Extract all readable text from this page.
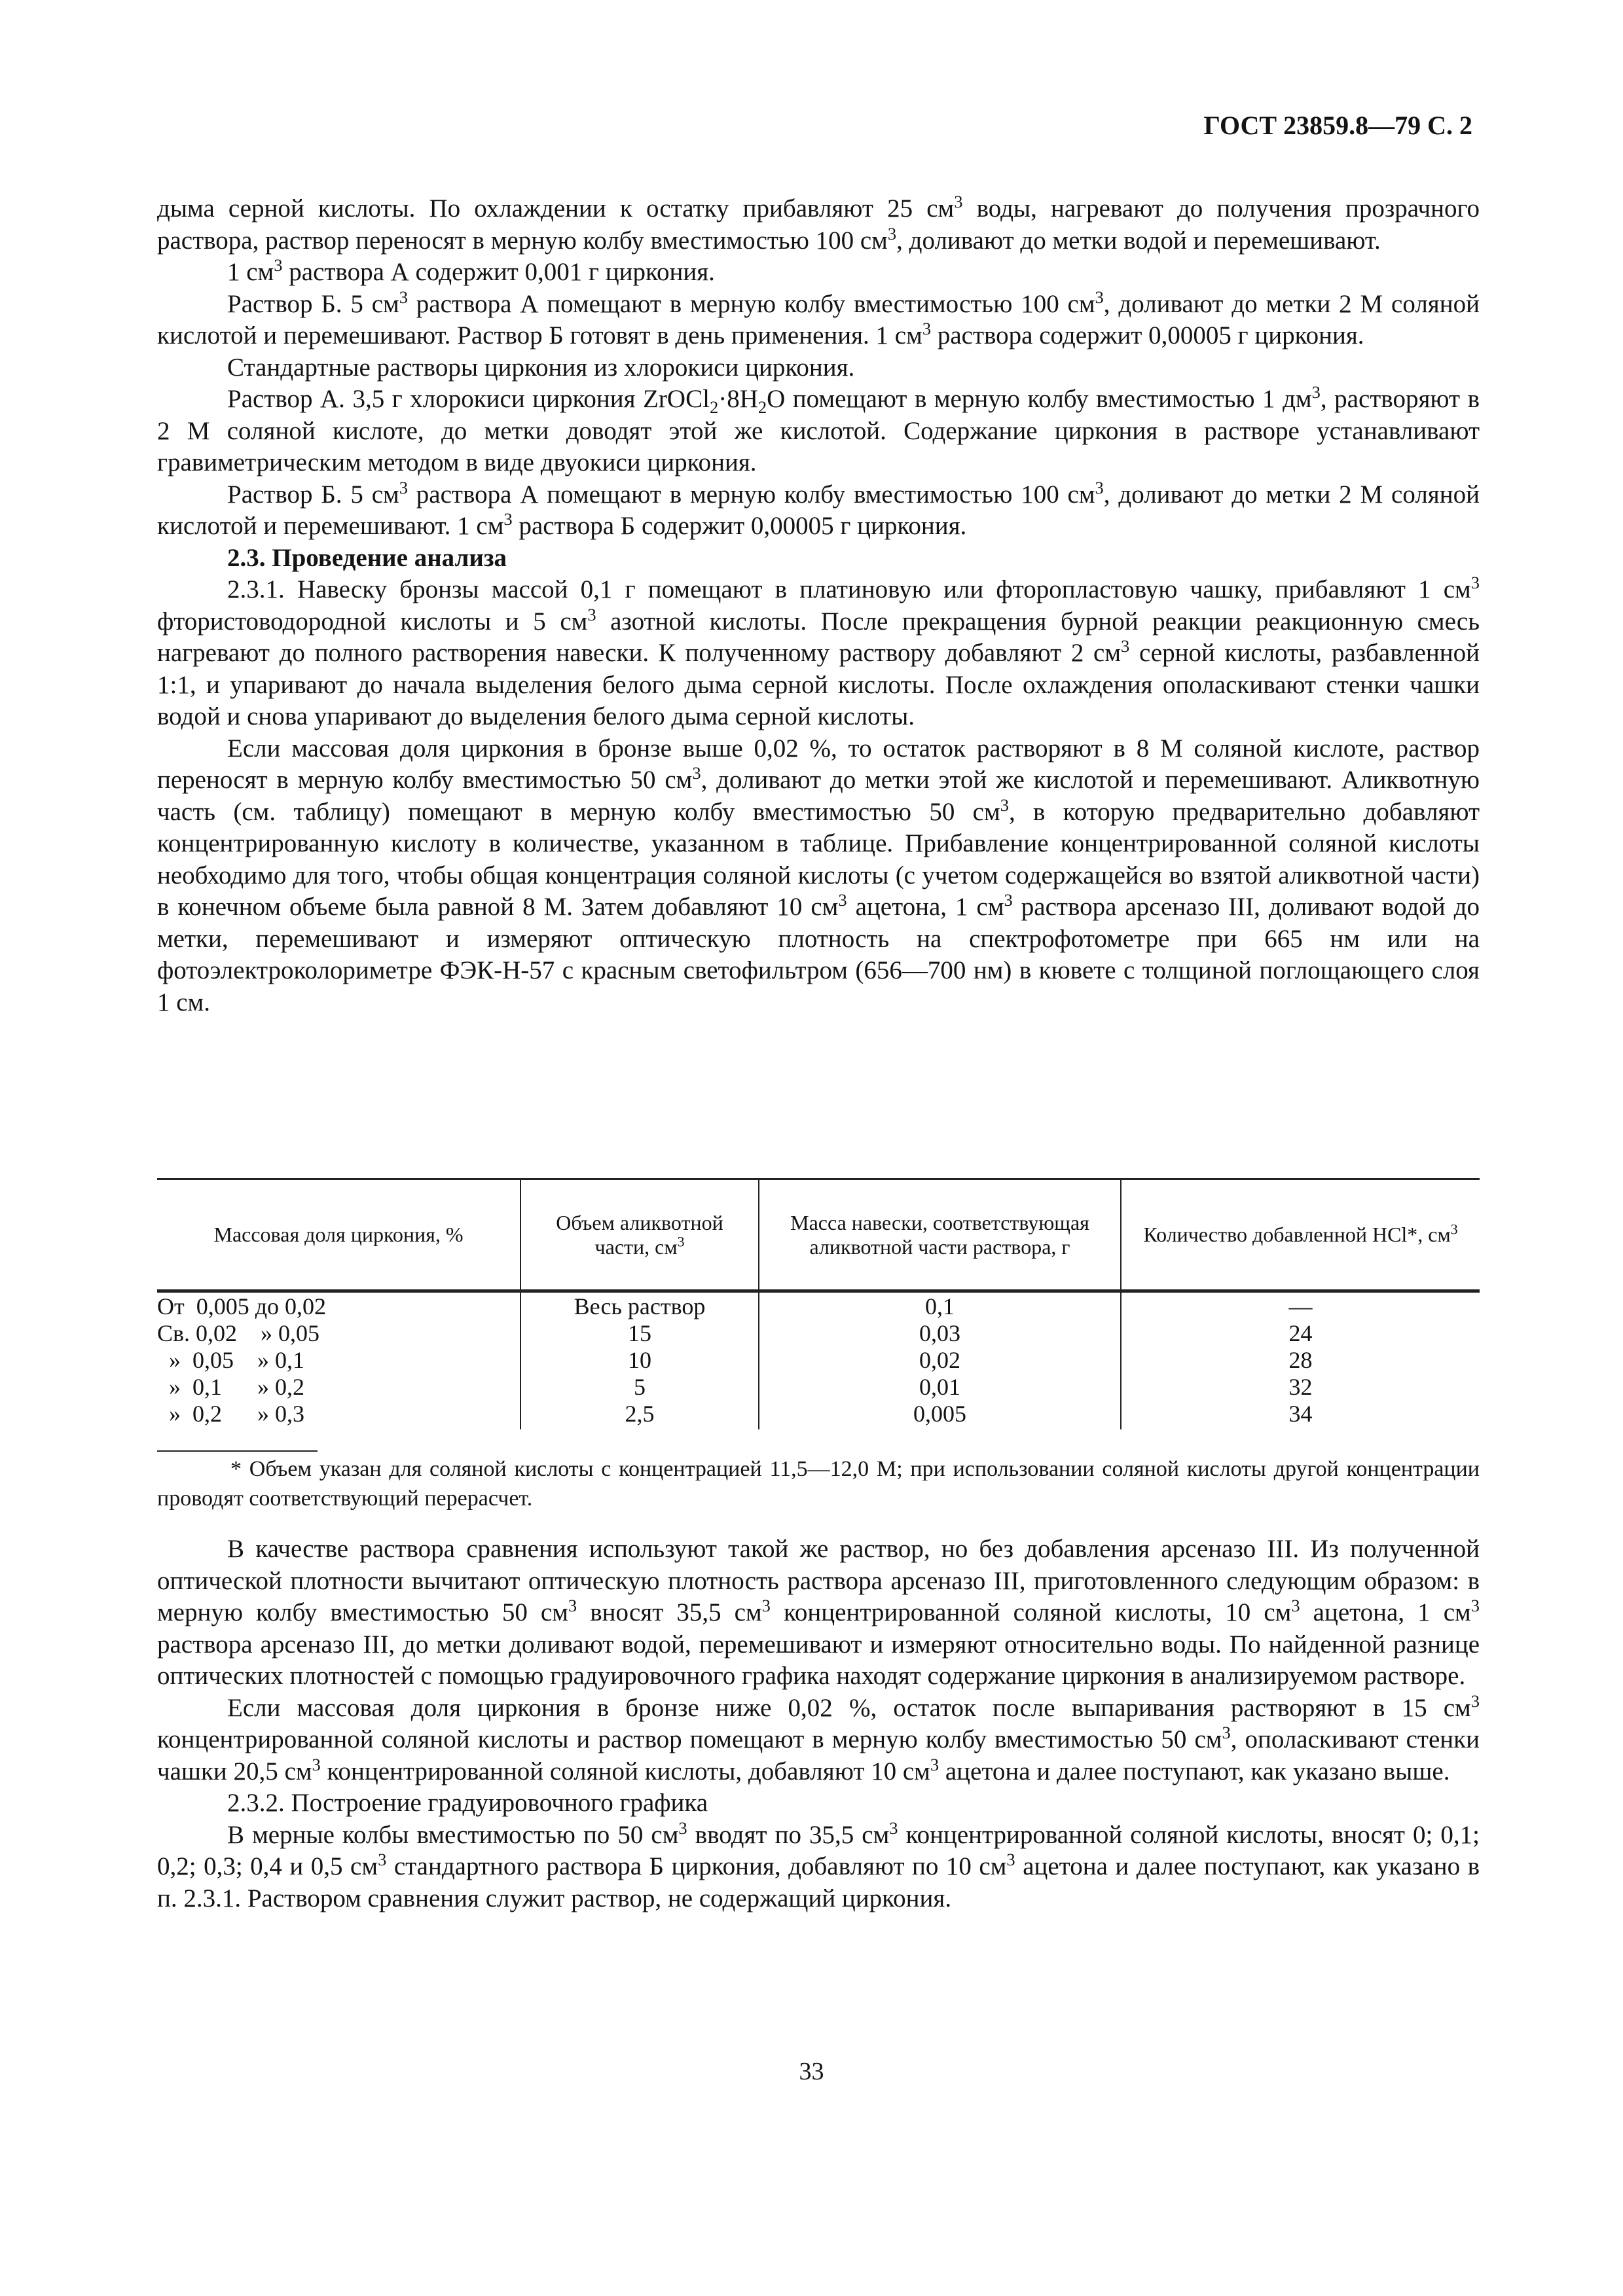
ГОСТ 23859.8—79 С. 2

дыма серной кислоты. По охлаждении к остатку прибавляют 25 $см^3$ воды, нагревают до получения прозрачного раствора, раствор переносят в мерную колбу вместимостью 100 $см^3$, доливают до метки водой и перемешивают.

1 $см^3$ раствора А содержит 0,001 г циркония.

Раствор Б. 5 $см^3$ раствора А помещают в мерную колбу вместимостью 100 $см^3$, доливают до метки 2 М соляной кислотой и перемешивают. Раствор Б готовят в день применения. 1 $см^3$ раствора содержит 0,00005 г циркония.

Стандартные растворы циркония из хлорокиси циркония.

Раствор А. 3,5 г хлорокиси циркония $ZrOCl_2\cdot 8H_2O$ помещают в мерную колбу вместимостью 1 $дм^3$, растворяют в 2 М соляной кислоте, до метки доводят этой же кислотой. Содержание циркония в растворе устанавливают гравиметрическим методом в виде двуокиси циркония.

Раствор Б. 5 $см^3$ раствора А помещают в мерную колбу вместимостью 100 $см^3$, доливают до метки 2 М соляной кислотой и перемешивают. 1 $см^3$ раствора Б содержит 0,00005 г циркония.

2.3. Проведение анализа

2.3.1. Навеску бронзы массой 0,1 г помещают в платиновую или фторопластовую чашку, прибавляют 1 $см^3$ фтористоводородной кислоты и 5 $см^3$ азотной кислоты. После прекращения бурной реакции реакционную смесь нагревают до полного растворения навески. К полученному раствору добавляют 2 $см^3$ серной кислоты, разбавленной 1:1, и упаривают до начала выделения белого дыма серной кислоты. После охлаждения ополаскивают стенки чашки водой и снова упаривают до выделения белого дыма серной кислоты.

Если массовая доля циркония в бронзе выше 0,02 %, то остаток растворяют в 8 М соляной кислоте, раствор переносят в мерную колбу вместимостью 50 $см^3$, доливают до метки этой же кислотой и перемешивают. Аликвотную часть (см. таблицу) помещают в мерную колбу вместимостью 50 $см^3$, в которую предварительно добавляют концентрированную кислоту в количестве, указанном в таблице. Прибавление концентрированной соляной кислоты необходимо для того, чтобы общая концентрация соляной кислоты (с учетом содержащейся во взятой аликвотной части) в конечном объеме была равной 8 М. Затем добавляют 10 $см^3$ ацетона, 1 $см^3$ раствора арсеназо III, доливают водой до метки, перемешивают и измеряют оптическую плотность на спектрофотометре при 665 нм или на фотоэлектроколориметре ФЭК-Н-57 с красным светофильтром (656—700 нм) в кювете с толщиной поглощающего слоя 1 см.

Массовая доля циркония, %	Объем аликвотной части, $см^3$	Масса навески, соответствующая аликвотной части раствора, г	Количество добавленной HCl*, $см^3$
От  0,005 до 0,02	Весь раствор	0,1	—
Св. 0,02    » 0,05	15	0,03	24
»  0,05    » 0,1	10	0,02	28
»  0,1      » 0,2	5	0,01	32
»  0,2      » 0,3	2,5	0,005	34
* Объем указан для соляной кислоты с концентрацией 11,5—12,0 М; при использовании соляной кислоты другой концентрации проводят соответствующий перерасчет.

В качестве раствора сравнения используют такой же раствор, но без добавления арсеназо III. Из полученной оптической плотности вычитают оптическую плотность раствора арсеназо III, приготовленного следующим образом: в мерную колбу вместимостью 50 $см^3$ вносят 35,5 $см^3$ концентрированной соляной кислоты, 10 $см^3$ ацетона, 1 $см^3$ раствора арсеназо III, до метки доливают водой, перемешивают и измеряют относительно воды. По найденной разнице оптических плотностей с помощью градуировочного графика находят содержание циркония в анализируемом растворе.

Если массовая доля циркония в бронзе ниже 0,02 %, остаток после выпаривания растворяют в 15 $см^3$ концентрированной соляной кислоты и раствор помещают в мерную колбу вместимостью 50 $см^3$, ополаскивают стенки чашки 20,5 $см^3$ концентрированной соляной кислоты, добавляют 10 $см^3$ ацетона и далее поступают, как указано выше.

2.3.2. Построение градуировочного графика

В мерные колбы вместимостью по 50 $см^3$ вводят по 35,5 $см^3$ концентрированной соляной кислоты, вносят 0; 0,1; 0,2; 0,3; 0,4 и 0,5 $см^3$ стандартного раствора Б циркония, добавляют по 10 $см^3$ ацетона и далее поступают, как указано в п. 2.3.1. Раствором сравнения служит раствор, не содержащий циркония.

33
